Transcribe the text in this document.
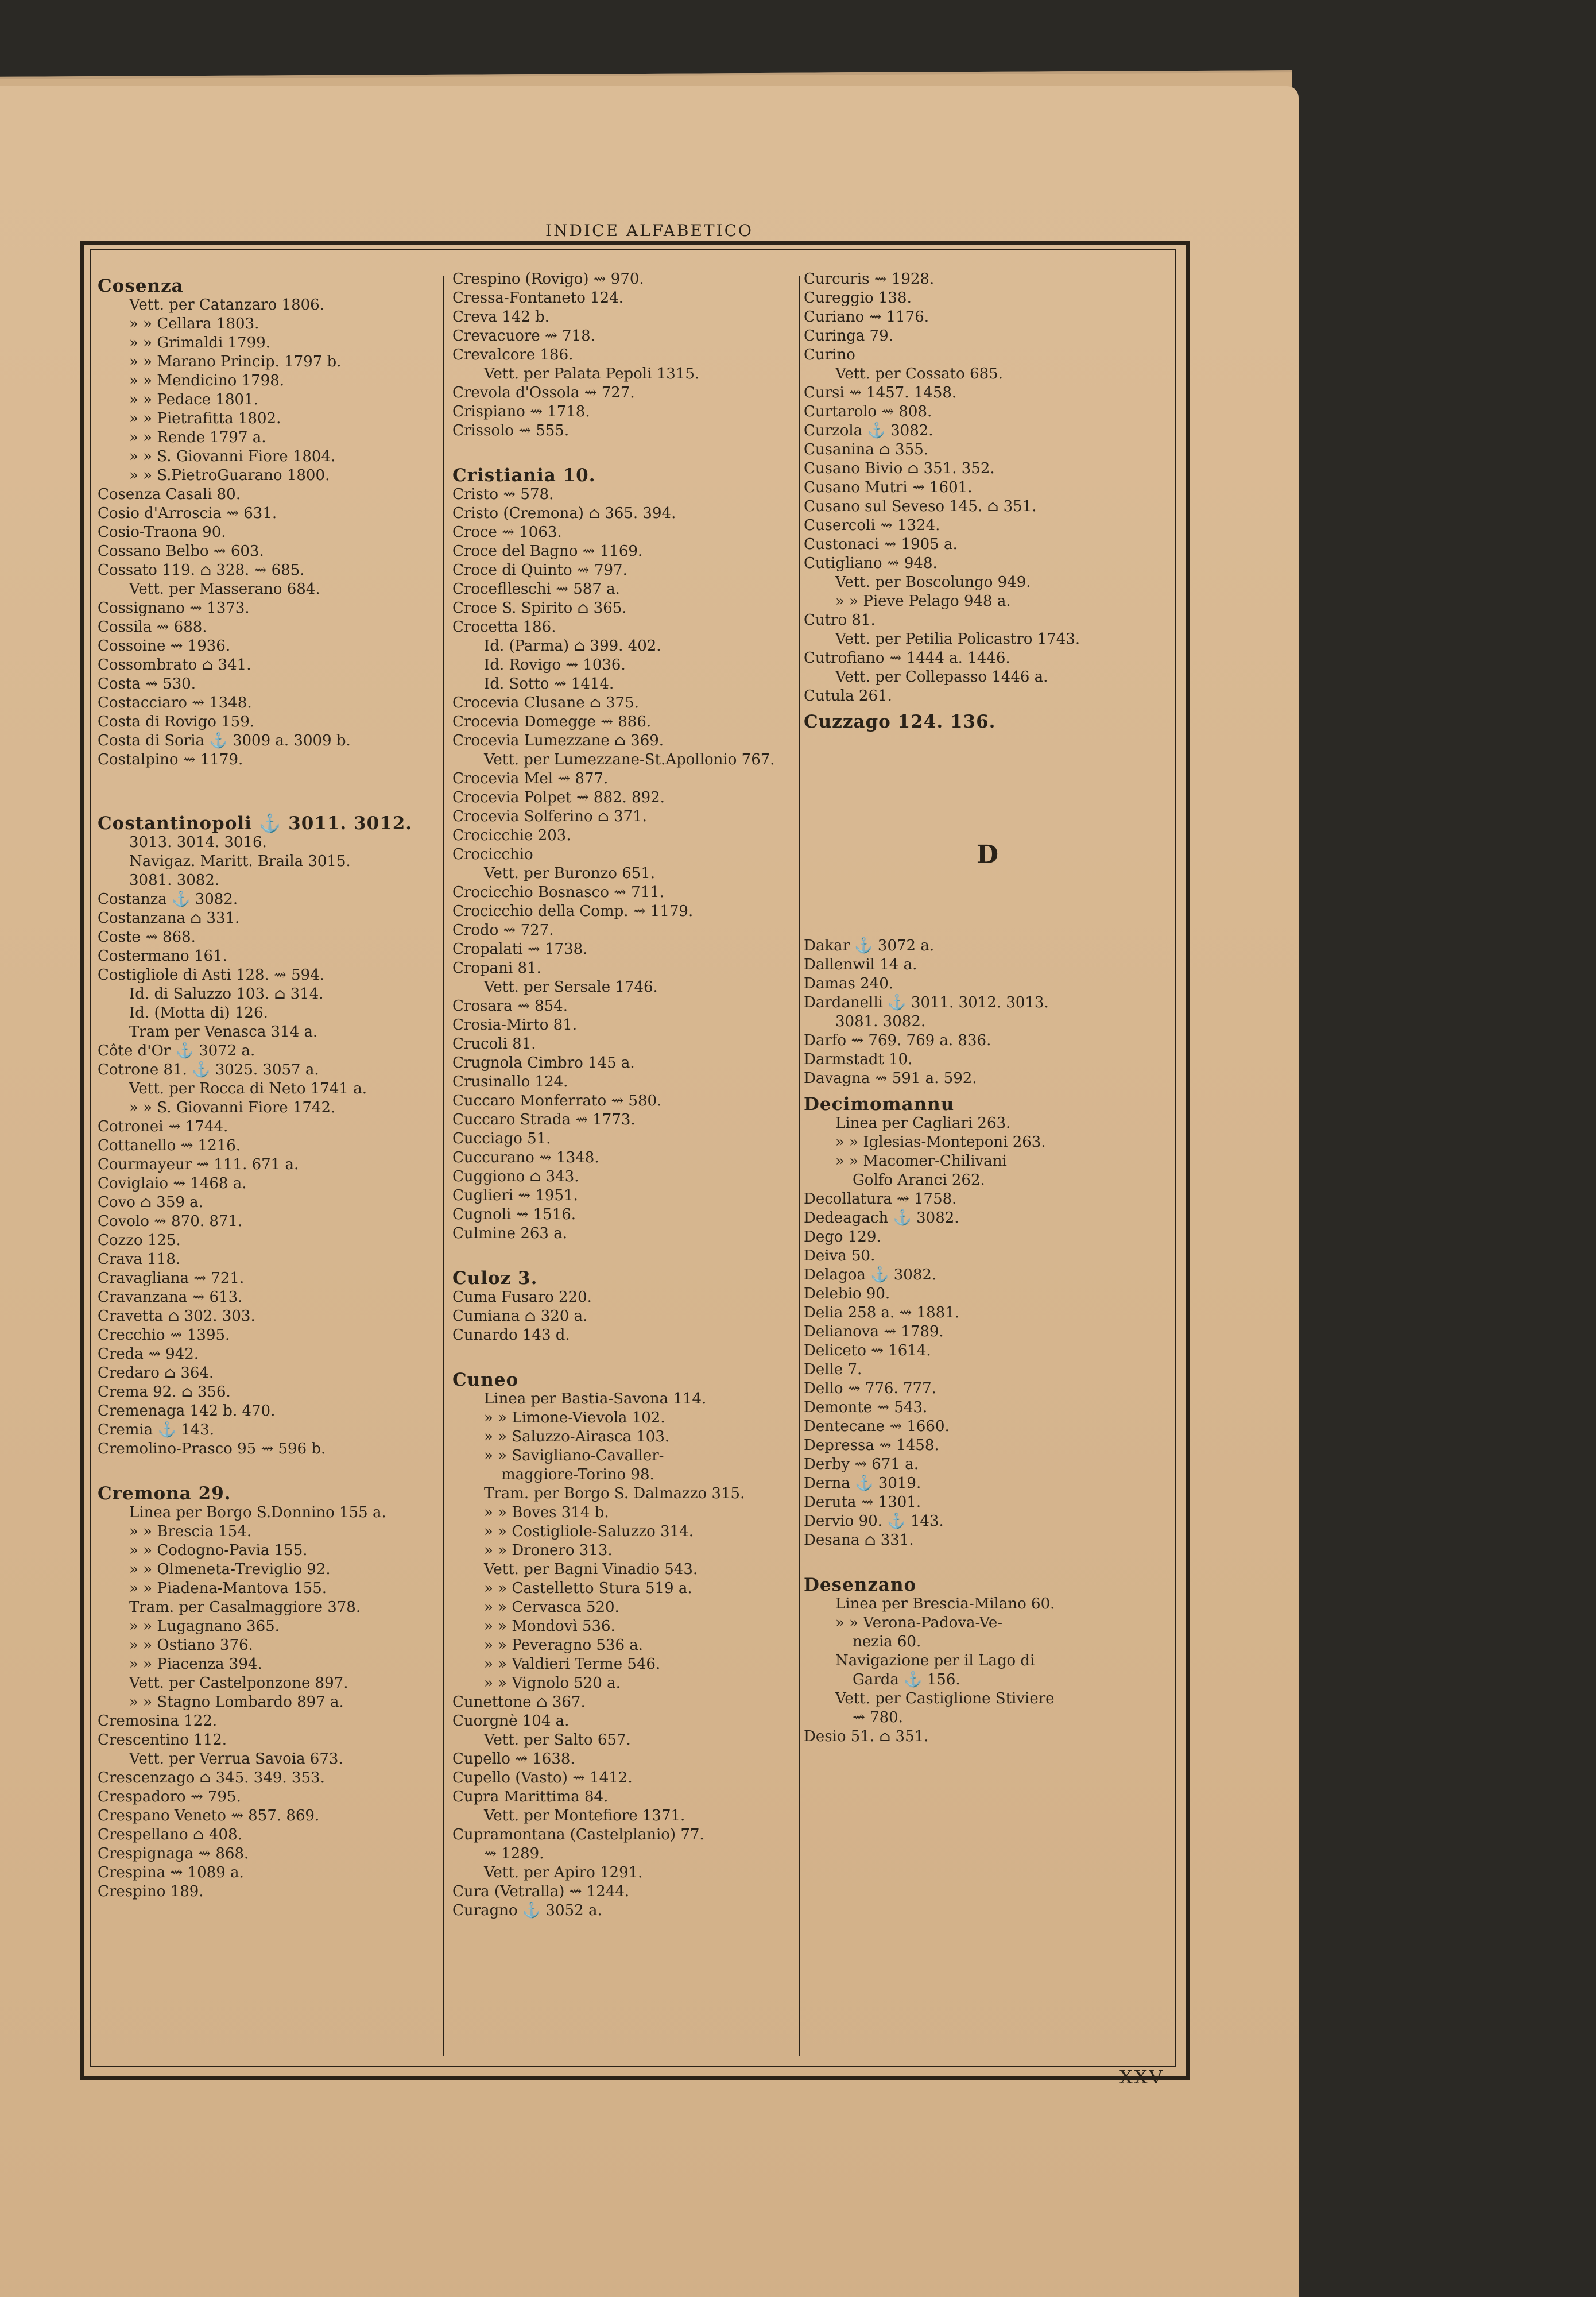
INDICE ALFABETICO
Cosenza
Vett. per Catanzaro 1806.
» » Cellara 1803.
» » Grimaldi 1799.
» » Marano Princip. 1797 b.
» » Mendicino 1798.
» » Pedace 1801.
» » Pietrafitta 1802.
» » Rende 1797 a.
» » S. Giovanni Fiore 1804.
» » S.PietroGuarano 1800.
Cosenza Casali 80.
Cosio d'Arroscia ⇝ 631.
Cosio-Traona 90.
Cossano Belbo ⇝ 603.
Cossato 119. ⌂ 328. ⇝ 685.
Vett. per Masserano 684.
Cossignano ⇝ 1373.
Cossila ⇝ 688.
Cossoine ⇝ 1936.
Cossombrato ⌂ 341.
Costa ⇝ 530.
Costacciaro ⇝ 1348.
Costa di Rovigo 159.
Costa di Soria ⚓ 3009 a. 3009 b.
Costalpino ⇝ 1179.
Costantinopoli ⚓ 3011. 3012.
3013. 3014. 3016.
Navigaz. Maritt. Braila 3015.
3081. 3082.
Costanza ⚓ 3082.
Costanzana ⌂ 331.
Coste ⇝ 868.
Costermano 161.
Costigliole di Asti 128. ⇝ 594.
Id. di Saluzzo 103. ⌂ 314.
Id. (Motta di) 126.
Tram per Venasca 314 a.
Côte d'Or ⚓ 3072 a.
Cotrone 81. ⚓ 3025. 3057 a.
Vett. per Rocca di Neto 1741 a.
» » S. Giovanni Fiore 1742.
Cotronei ⇝ 1744.
Cottanello ⇝ 1216.
Courmayeur ⇝ 111. 671 a.
Coviglaio ⇝ 1468 a.
Covo ⌂ 359 a.
Covolo ⇝ 870. 871.
Cozzo 125.
Crava 118.
Cravagliana ⇝ 721.
Cravanzana ⇝ 613.
Cravetta ⌂ 302. 303.
Crecchio ⇝ 1395.
Creda ⇝ 942.
Credaro ⌂ 364.
Crema 92. ⌂ 356.
Cremenaga 142 b. 470.
Cremia ⚓ 143.
Cremolino-Prasco 95 ⇝ 596 b.
Cremona 29.
Linea per Borgo S.Donnino 155 a.
» » Brescia 154.
» » Codogno-Pavia 155.
» » Olmeneta-Treviglio 92.
» » Piadena-Mantova 155.
Tram. per Casalmaggiore 378.
» » Lugagnano 365.
» » Ostiano 376.
» » Piacenza 394.
Vett. per Castelponzone 897.
» » Stagno Lombardo 897 a.
Cremosina 122.
Crescentino 112.
Vett. per Verrua Savoia 673.
Crescenzago ⌂ 345. 349. 353.
Crespadoro ⇝ 795.
Crespano Veneto ⇝ 857. 869.
Crespellano ⌂ 408.
Crespignaga ⇝ 868.
Crespina ⇝ 1089 a.
Crespino 189.
Crespino (Rovigo) ⇝ 970.
Cressa-Fontaneto 124.
Creva 142 b.
Crevacuore ⇝ 718.
Crevalcore 186.
Vett. per Palata Pepoli 1315.
Crevola d'Ossola ⇝ 727.
Crispiano ⇝ 1718.
Crissolo ⇝ 555.
Cristiania 10.
Cristo ⇝ 578.
Cristo (Cremona) ⌂ 365. 394.
Croce ⇝ 1063.
Croce del Bagno ⇝ 1169.
Croce di Quinto ⇝ 797.
Croceflleschi ⇝ 587 a.
Croce S. Spirito ⌂ 365.
Crocetta 186.
Id. (Parma) ⌂ 399. 402.
Id. Rovigo ⇝ 1036.
Id. Sotto ⇝ 1414.
Crocevia Clusane ⌂ 375.
Crocevia Domegge ⇝ 886.
Crocevia Lumezzane ⌂ 369.
Vett. per Lumezzane-St.Apollonio 767.
Crocevia Mel ⇝ 877.
Crocevia Polpet ⇝ 882. 892.
Crocevia Solferino ⌂ 371.
Crocicchie 203.
Crocicchio
Vett. per Buronzo 651.
Crocicchio Bosnasco ⇝ 711.
Crocicchio della Comp. ⇝ 1179.
Crodo ⇝ 727.
Cropalati ⇝ 1738.
Cropani 81.
Vett. per Sersale 1746.
Crosara ⇝ 854.
Crosia-Mirto 81.
Crucoli 81.
Crugnola Cimbro 145 a.
Crusinallo 124.
Cuccaro Monferrato ⇝ 580.
Cuccaro Strada ⇝ 1773.
Cucciago 51.
Cuccurano ⇝ 1348.
Cuggiono ⌂ 343.
Cuglieri ⇝ 1951.
Cugnoli ⇝ 1516.
Culmine 263 a.
Culoz 3.
Cuma Fusaro 220.
Cumiana ⌂ 320 a.
Cunardo 143 d.
Cuneo
Linea per Bastia-Savona 114.
» » Limone-Vievola 102.
» » Saluzzo-Airasca 103.
» » Savigliano-Cavaller-
maggiore-Torino 98.
Tram. per Borgo S. Dalmazzo 315.
» » Boves 314 b.
» » Costigliole-Saluzzo 314.
» » Dronero 313.
Vett. per Bagni Vinadio 543.
» » Castelletto Stura 519 a.
» » Cervasca 520.
» » Mondovì 536.
» » Peveragno 536 a.
» » Valdieri Terme 546.
» » Vignolo 520 a.
Cunettone ⌂ 367.
Cuorgnè 104 a.
Vett. per Salto 657.
Cupello ⇝ 1638.
Cupello (Vasto) ⇝ 1412.
Cupra Marittima 84.
Vett. per Montefiore 1371.
Cupramontana (Castelplanio) 77.
⇝ 1289.
Vett. per Apiro 1291.
Cura (Vetralla) ⇝ 1244.
Curagno ⚓ 3052 a.
Curcuris ⇝ 1928.
Cureggio 138.
Curiano ⇝ 1176.
Curinga 79.
Curino
Vett. per Cossato 685.
Cursi ⇝ 1457. 1458.
Curtarolo ⇝ 808.
Curzola ⚓ 3082.
Cusanina ⌂ 355.
Cusano Bivio ⌂ 351. 352.
Cusano Mutri ⇝ 1601.
Cusano sul Seveso 145. ⌂ 351.
Cusercoli ⇝ 1324.
Custonaci ⇝ 1905 a.
Cutigliano ⇝ 948.
Vett. per Boscolungo 949.
» » Pieve Pelago 948 a.
Cutro 81.
Vett. per Petilia Policastro 1743.
Cutrofiano ⇝ 1444 a. 1446.
Vett. per Collepasso 1446 a.
Cutula 261.
Cuzzago 124. 136.
D
Dakar ⚓ 3072 a.
Dallenwil 14 a.
Damas 240.
Dardanelli ⚓ 3011. 3012. 3013.
3081. 3082.
Darfo ⇝ 769. 769 a. 836.
Darmstadt 10.
Davagna ⇝ 591 a. 592.
Decimomannu
Linea per Cagliari 263.
» » Iglesias-Monteponi 263.
» » Macomer-Chilivani
Golfo Aranci 262.
Decollatura ⇝ 1758.
Dedeagach ⚓ 3082.
Dego 129.
Deiva 50.
Delagoa ⚓ 3082.
Delebio 90.
Delia 258 a. ⇝ 1881.
Delianova ⇝ 1789.
Deliceto ⇝ 1614.
Delle 7.
Dello ⇝ 776. 777.
Demonte ⇝ 543.
Dentecane ⇝ 1660.
Depressa ⇝ 1458.
Derby ⇝ 671 a.
Derna ⚓ 3019.
Deruta ⇝ 1301.
Dervio 90. ⚓ 143.
Desana ⌂ 331.
Desenzano
Linea per Brescia-Milano 60.
» » Verona-Padova-Ve-
nezia 60.
Navigazione per il Lago di
Garda ⚓ 156.
Vett. per Castiglione Stiviere
⇝ 780.
Desio 51. ⌂ 351.
XXV
